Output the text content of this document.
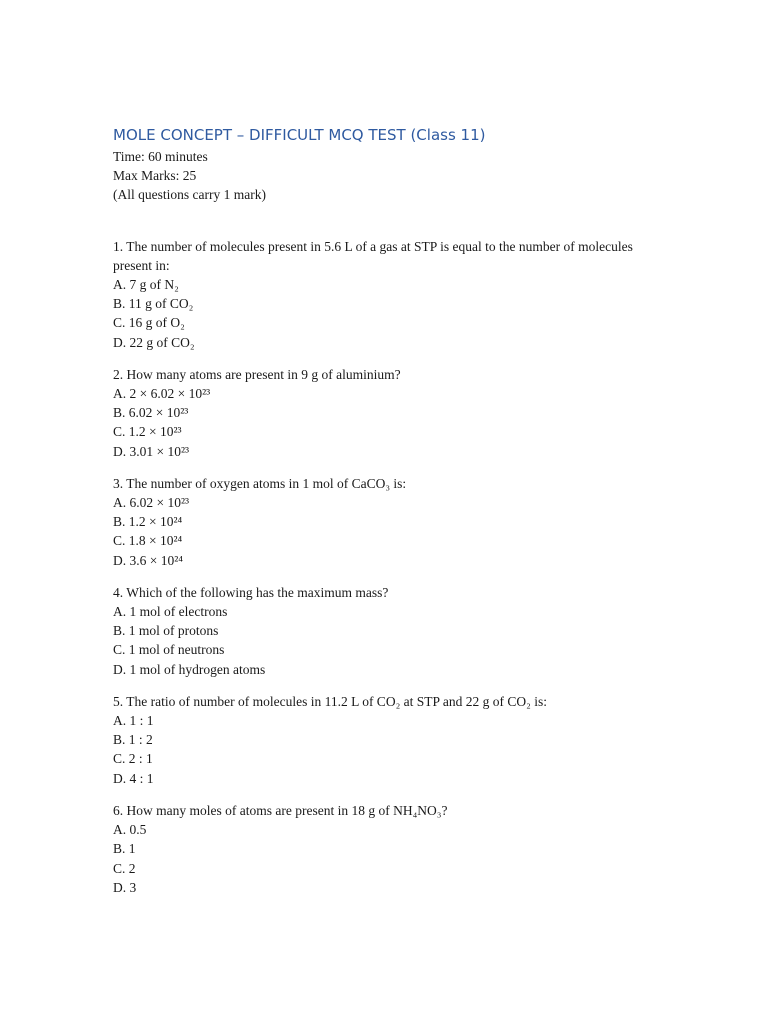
MOLE CONCEPT – DIFFICULT MCQ TEST (Class 11)

Time: 60 minutes

Max Marks: 25

(All questions carry 1 mark)

1. The number of molecules present in 5.6 L of a gas at STP is equal to the number of molecules present in:

A. 7 g of N₂

B. 11 g of CO₂

C. 16 g of O₂

D. 22 g of CO₂

2. How many atoms are present in 9 g of aluminium?

A. 2 × 6.02 × 10²³

B. 6.02 × 10²³

C. 1.2 × 10²³

D. 3.01 × 10²³

3. The number of oxygen atoms in 1 mol of CaCO₃ is:

A. 6.02 × 10²³

B. 1.2 × 10²⁴

C. 1.8 × 10²⁴

D. 3.6 × 10²⁴

4. Which of the following has the maximum mass?

A. 1 mol of electrons

B. 1 mol of protons

C. 1 mol of neutrons

D. 1 mol of hydrogen atoms

5. The ratio of number of molecules in 11.2 L of CO₂ at STP and 22 g of CO₂ is:

A. 1 : 1

B. 1 : 2

C. 2 : 1

D. 4 : 1

6. How many moles of atoms are present in 18 g of NH₄NO₃?

A. 0.5

B. 1

C. 2

D. 3
